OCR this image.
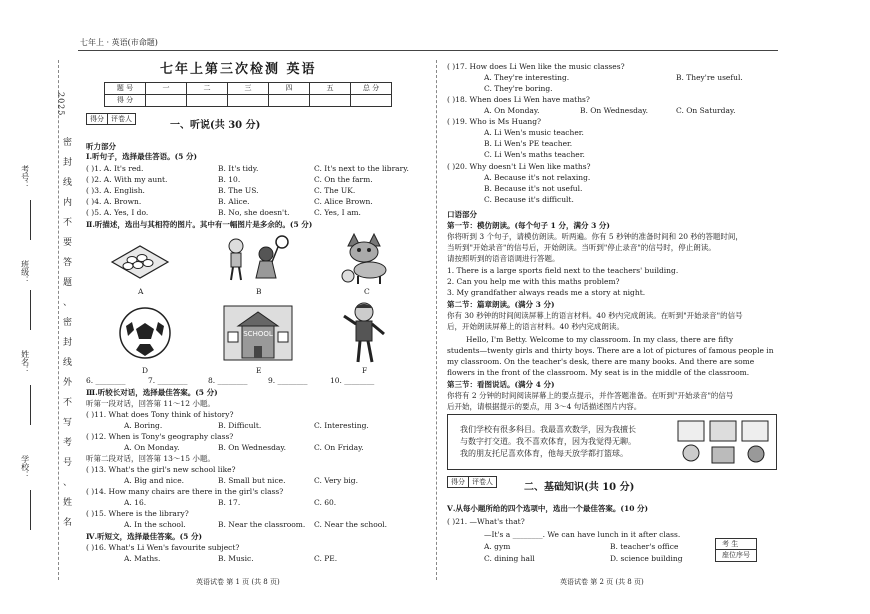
七年上 · 英语(市命题)
2025
密
封
线
内
不
要
答
题
、
密
封
线
外
不
写
考
号
、
姓
名
考号：
班级：
姓名：
学校：
七年上第三次检测 英语
题 号	一	二	三	四	五	总 分
得 分						
得分 评卷人
一、听说(共 30 分)
听力部分
Ⅰ.听句子，选择最佳答语。(5 分)
( )1. A. It's red.	B. It's tidy.	C. It's next to the library.
( )2. A. With my aunt.	B. 10.	C. On the farm.
( )3. A. English.	B. The US.	C. The UK.
( )4. A. Brown.	B. Alice.	C. Alice Brown.
( )5. A. Yes, I do.	B. No, she doesn't.	C. Yes, I am.
Ⅱ.听描述，选出与其相符的图片。其中有一幅图片是多余的。(5 分)
A	B	C
D
SCHOOL
E	F
6. ________	7. ________	8. ________	9. ________	10. ________
Ⅲ.听较长对话，选择最佳答案。(5 分)
听第一段对话，回答第 11～12 小题。
( )11. What does Tony think of history?
A. Boring.	B. Difficult.	C. Interesting.
( )12. When is Tony's geography class?
A. On Monday.	B. On Wednesday.	C. On Friday.
听第二段对话，回答第 13～15 小题。
( )13. What's the girl's new school like?
A. Big and nice.	B. Small but nice.	C. Very big.
( )14. How many chairs are there in the girl's class?
A. 16.	B. 17.	C. 60.
( )15. Where is the library?
A. In the school.	B. Near the classroom. C. Near the school.
Ⅳ.听短文，选择最佳答案。(5 分)
( )16. What's Li Wen's favourite subject?
A. Maths.	B. Music.	C. PE.
英语试卷 第 1 页 (共 8 页)
( )17. How does Li Wen like the music classes?
A. They're interesting.	B. They're useful.
C. They're boring.
( )18. When does Li Wen have maths?
A. On Monday.	B. On Wednesday.	C. On Saturday.
( )19. Who is Ms Huang?
A. Li Wen's music teacher.
B. Li Wen's PE teacher.
C. Li Wen's maths teacher.
( )20. Why doesn't Li Wen like maths?
A. Because it's not relaxing.
B. Because it's not useful.
C. Because it's difficult.
口语部分
第一节：模仿朗读。(每个句子 1 分，满分 3 分)
你将听到 3 个句子，请模仿朗读。听两遍。你有 5 秒钟的准备时间和 20 秒的答题时间，
当听到"开始录音"的信号后，开始朗读。当听到"停止录音"的信号时，停止朗读。
请按照听到的语音语调进行答题。
1. There is a large sports field next to the teachers' building.
2. Can you help me with this maths problem?
3. My grandfather always reads me a story at night.
第二节：篇章朗读。(满分 3 分)
你有 30 秒钟的时间阅读屏幕上的语言材料。40 秒内完成朗读。在听到"开始录音"的信号
后，开始朗读屏幕上的语言材料。40 秒内完成朗读。
Hello, I'm Betty. Welcome to my classroom. In my class, there are fifty
students—twenty girls and thirty boys. There are a lot of pictures of famous people in
my classroom. On the teacher's desk, there are many books. And there are some
flowers in the front of the classroom. My seat is in the middle of the classroom.
第三节：看图说话。(满分 4 分)
你将有 2 分钟的时间阅读屏幕上的要点提示，并作答题准备。在听到"开始录音"的信号
后开始，请根据提示的要点，用 3～4 句话描述图片内容。
我们学校有很多科目。我最喜欢数学，因为我擅长
与数字打交道。我不喜欢体育，因为我觉得无聊。
我的朋友托尼喜欢体育，他每天放学都打篮球。
得分 评卷人	二、基础知识(共 10 分)
Ⅴ.从每小题所给的四个选项中，选出一个最佳答案。(10 分)
( )21. —What's that?
—It's a ________. We can have lunch in it after class.
A. gym	B. teacher's office
C. dining hall	D. science building
考 生
座位序号
英语试卷 第 2 页 (共 8 页)
